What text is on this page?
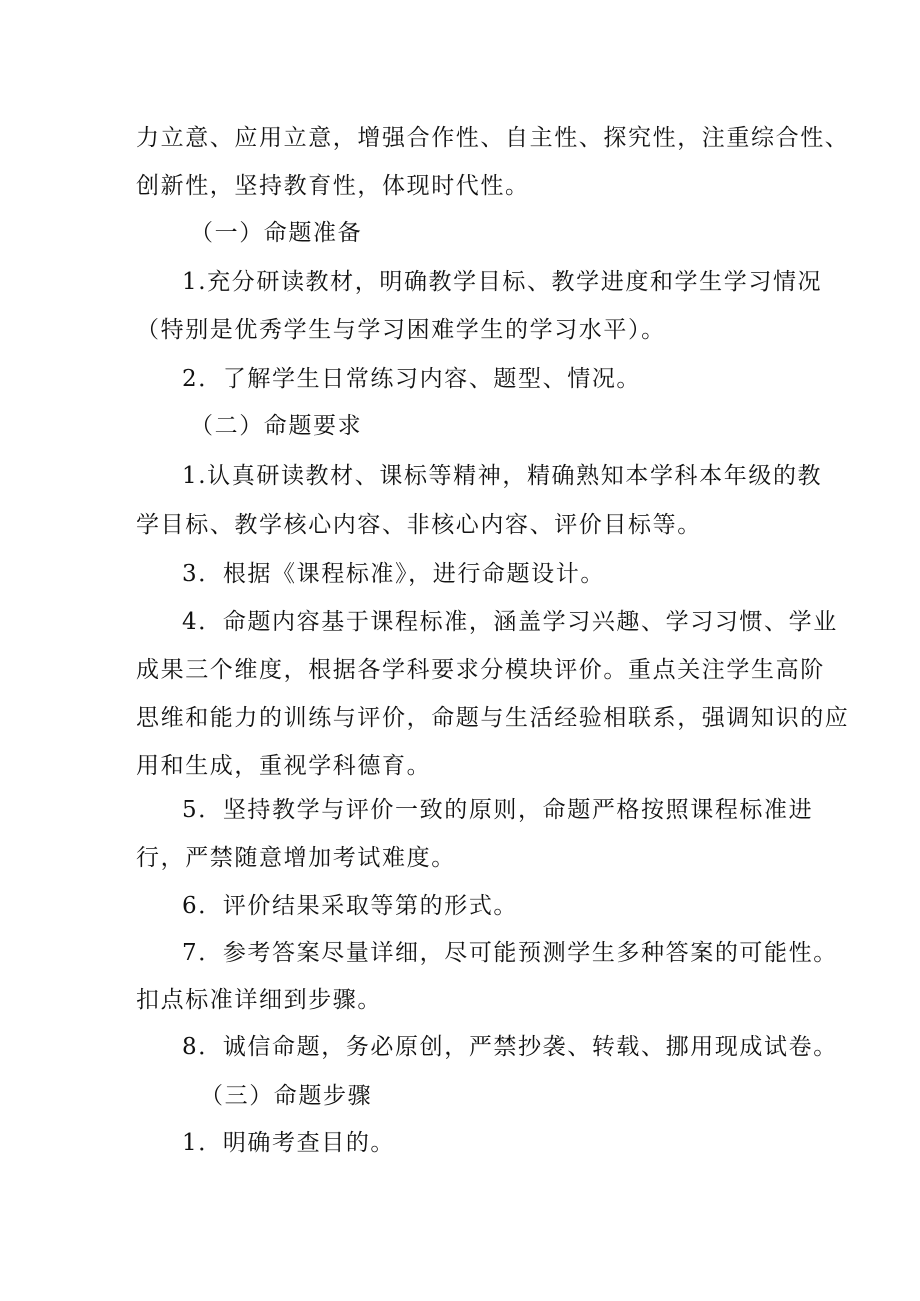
力立意、应用立意，增强合作性、自主性、探究性，注重综合性、
创新性，坚持教育性，体现时代性。
（一）命题准备
1.充分研读教材，明确教学目标、教学进度和学生学习情况
（特别是优秀学生与学习困难学生的学习水平）。
2．了解学生日常练习内容、题型、情况。
（二）命题要求
1.认真研读教材、课标等精神，精确熟知本学科本年级的教
学目标、教学核心内容、非核心内容、评价目标等。
3．根据《课程标准》，进行命题设计。
4．命题内容基于课程标准，涵盖学习兴趣、学习习惯、学业
成果三个维度，根据各学科要求分模块评价。重点关注学生高阶
思维和能力的训练与评价，命题与生活经验相联系，强调知识的应
用和生成，重视学科德育。
5．坚持教学与评价一致的原则，命题严格按照课程标准进
行，严禁随意增加考试难度。
6．评价结果采取等第的形式。
7．参考答案尽量详细，尽可能预测学生多种答案的可能性。
扣点标准详细到步骤。
8．诚信命题，务必原创，严禁抄袭、转载、挪用现成试卷。
（三）命题步骤
1．明确考查目的。
